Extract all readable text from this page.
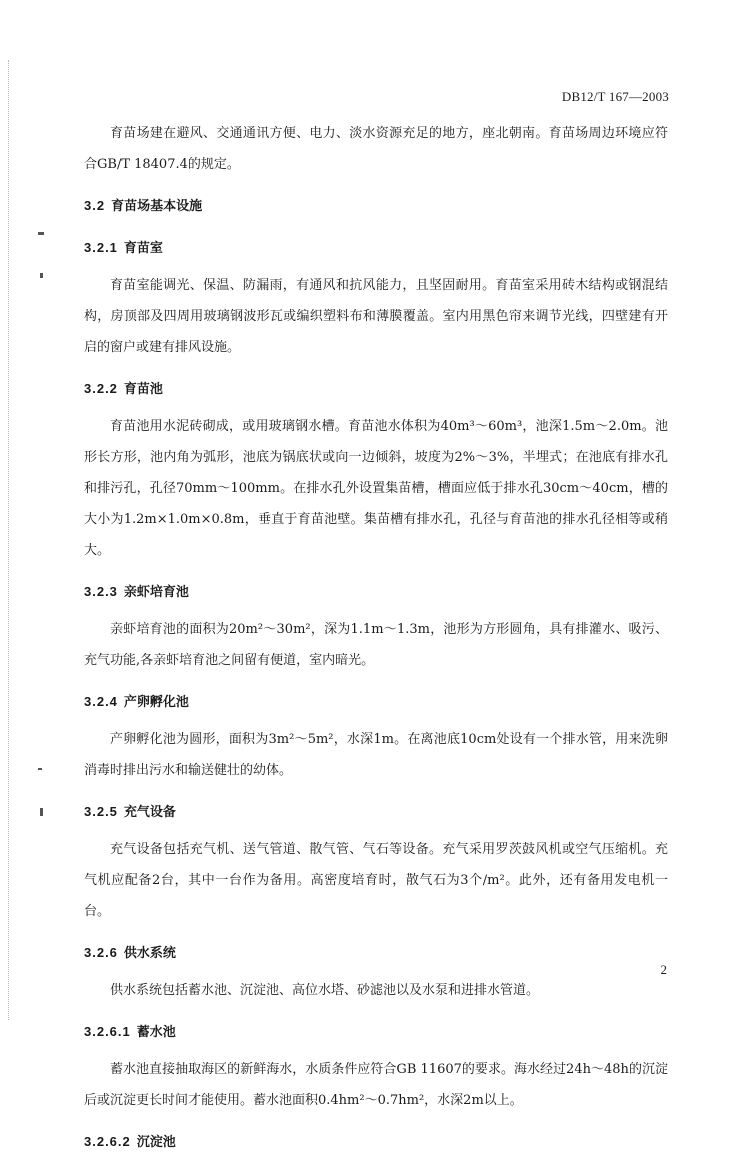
DB12/T 167—2003

育苗场建在避风、交通通讯方便、电力、淡水资源充足的地方，座北朝南。育苗场周边环境应符合GB/T 18407.4的规定。

3.2 育苗场基本设施
3.2.1 育苗室

育苗室能调光、保温、防漏雨，有通风和抗风能力，且坚固耐用。育苗室采用砖木结构或钢混结构，房顶部及四周用玻璃钢波形瓦或编织塑料布和薄膜覆盖。室内用黑色帘来调节光线，四壁建有开启的窗户或建有排风设施。

3.2.2 育苗池

育苗池用水泥砖砌成，或用玻璃钢水槽。育苗池水体积为40m³～60m³，池深1.5m～2.0m。池形长方形，池内角为弧形，池底为锅底状或向一边倾斜，坡度为2%～3%，半埋式；在池底有排水孔和排污孔，孔径70mm～100mm。在排水孔外设置集苗槽，槽面应低于排水孔30cm～40cm，槽的大小为1.2m×1.0m×0.8m，垂直于育苗池壁。集苗槽有排水孔，孔径与育苗池的排水孔径相等或稍大。

3.2.3 亲虾培育池

亲虾培育池的面积为20m²～30m²，深为1.1m～1.3m，池形为方形圆角，具有排灌水、吸污、充气功能,各亲虾培育池之间留有便道，室内暗光。

3.2.4 产卵孵化池

产卵孵化池为圆形，面积为3m²～5m²，水深1m。在离池底10cm处设有一个排水管，用来洗卵消毒时排出污水和输送健壮的幼体。

3.2.5 充气设备

充气设备包括充气机、送气管道、散气管、气石等设备。充气采用罗茨鼓风机或空气压缩机。充气机应配备2台，其中一台作为备用。高密度培育时，散气石为3个/m²。此外，还有备用发电机一台。

3.2.6 供水系统

供水系统包括蓄水池、沉淀池、高位水塔、砂滤池以及水泵和进排水管道。

3.2.6.1 蓄水池

蓄水池直接抽取海区的新鲜海水，水质条件应符合GB 11607的要求。海水经过24h～48h的沉淀后或沉淀更长时间才能使用。蓄水池面积0.4hm²～0.7hm²，水深2m以上。

3.2.6.2 沉淀池
2
